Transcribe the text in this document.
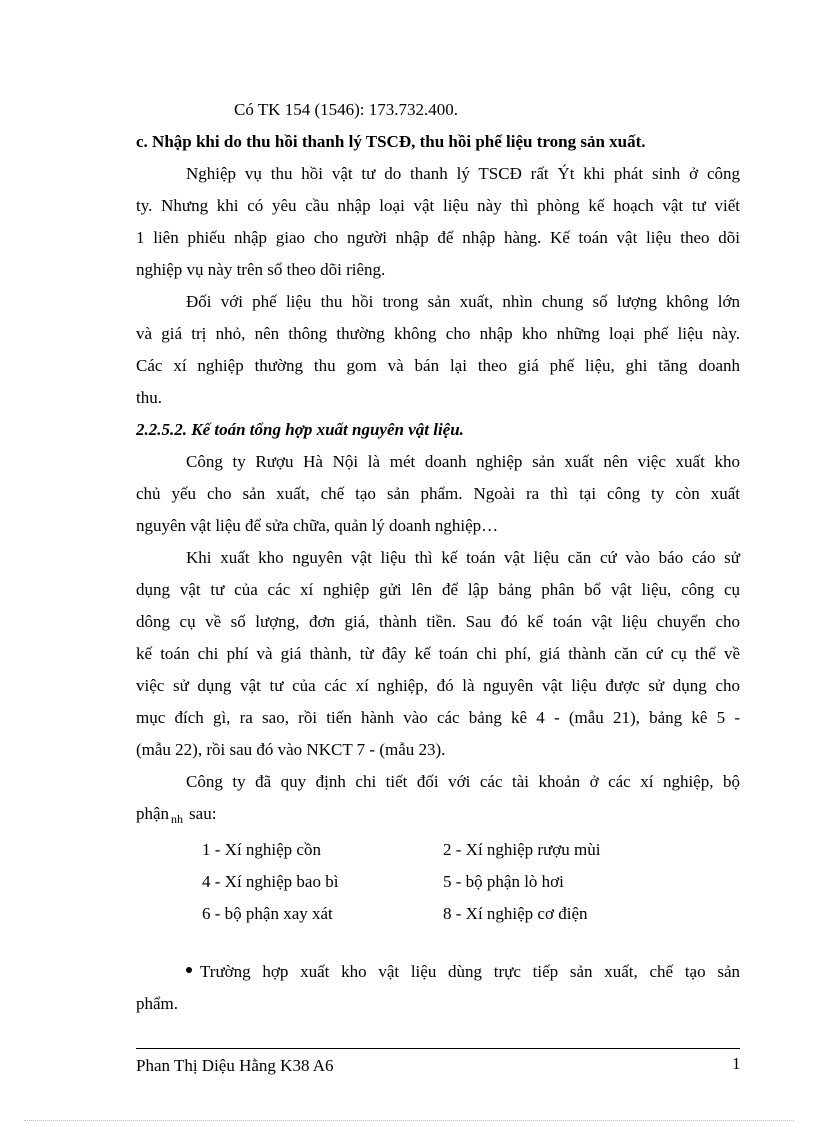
Có TK 154 (1546): 173.732.400.
c. Nhập khi do thu hồi thanh lý TSCĐ, thu hồi phế liệu trong sản xuất.
Nghiệp vụ thu hồi vật tư do thanh lý TSCĐ rất Ýt khi phát sinh ở công
ty. Nhưng khi có yêu cầu nhập loại vật liệu này thì phòng kế hoạch vật tư viết
1 liên phiếu nhập giao cho người nhập để nhập hàng. Kế toán vật liệu theo dõi
nghiệp vụ này trên sổ theo dõi riêng.
Đối với phế liệu thu hồi trong sản xuất, nhìn chung số lượng không lớn
và giá trị nhỏ, nên thông thường không cho nhập kho những loại phế liệu này.
Các xí nghiệp thường thu gom và bán lại theo giá phế liệu, ghi tăng doanh
thu.
2.2.5.2. Kế toán tổng hợp xuất nguyên vật liệu.
Công ty Rượu Hà Nội là mét doanh nghiệp sản xuất nên việc xuất kho
chủ yếu cho sản xuất, chế tạo sản phẩm. Ngoài ra thì tại công ty còn xuất
nguyên vật liệu để sửa chữa, quản lý doanh nghiệp…
Khi xuất kho nguyên vật liệu thì kế toán vật liệu căn cứ vào báo cáo sử
dụng vật tư của các xí nghiệp gửi lên để lập bảng phân bổ vật liệu, công cụ
dông cụ về số lượng, đơn giá, thành tiền. Sau đó kế toán vật liệu chuyển cho
kế toán chi phí và giá thành, từ đây kế toán chi phí, giá thành căn cứ cụ thể về
việc sử dụng vật tư của các xí nghiệp, đó là nguyên vật liệu được sử dụng cho
mục đích gì, ra sao, rồi tiến hành vào các bảng kê 4 - (mẫu 21), bảng kê 5 -
(mẫu 22), rồi sau đó vào NKCT 7 - (mẫu 23).
Công ty đã quy định chi tiết đối với các tài khoản ở các xí nghiệp, bộ
phận $_{nh}$ sau:
1 - Xí nghiệp cồn	2 - Xí nghiệp rượu mùi
4 - Xí nghiệp bao bì	5 - bộ phận lò hơi
6 - bộ phận xay xát	8 - Xí nghiệp cơ điện
Trường hợp xuất kho vật liệu dùng trực tiếp sản xuất, chế tạo sản
phẩm.
Phan Thị Diệu Hằng K38 A6	1
